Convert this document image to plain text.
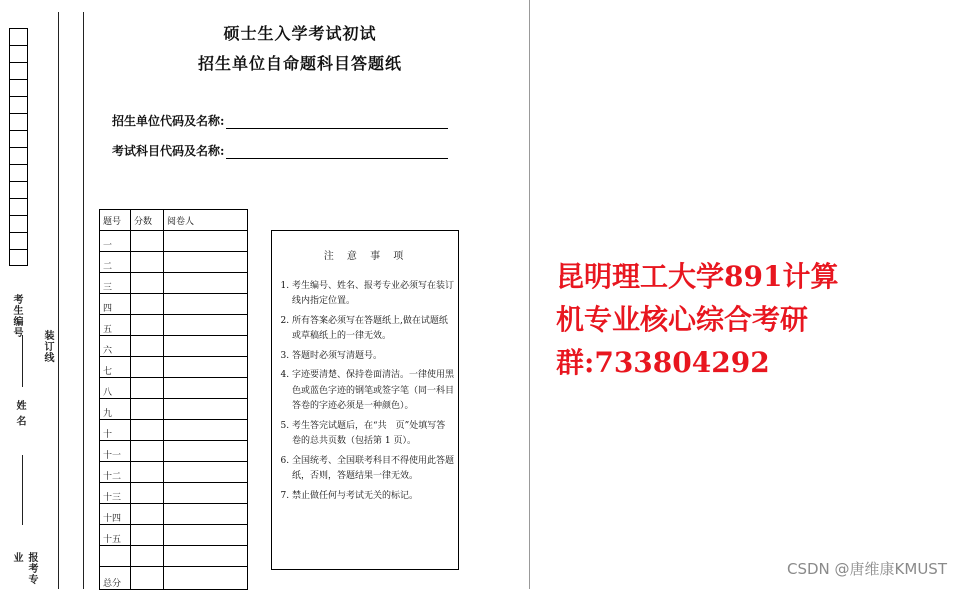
考生编号
装订线
姓 名
报考专业
硕士生入学考试初试
招生单位自命题科目答题纸
招生单位代码及名称:
考试科目代码及名称:
题号	分数	阅卷人
一		
二		
三		
四		
五		
六		
七		
八		
九		
十		
十一		
十二		
十三		
十四		
十五		

总分		
注 意 事 项
1. 考生编号、姓名、报考专业必须写在装订线内指定位置。
2. 所有答案必须写在答题纸上,做在试题纸或草稿纸上的一律无效。
3. 答题时必须写清题号。
4. 字迹要清楚、保持卷面清洁。一律使用黑色或蓝色字迹的钢笔或签字笔（同一科目答卷的字迹必须是一种颜色）。
5. 考生答完试题后，在“共　页”处填写答卷的总共页数（包括第 1 页）。
6. 全国统考、全国联考科目不得使用此答题纸，否则，答题结果一律无效。
7. 禁止做任何与考试无关的标记。
昆明理工大学891计算
机专业核心综合考研
群:733804292
CSDN @唐维康KMUST
